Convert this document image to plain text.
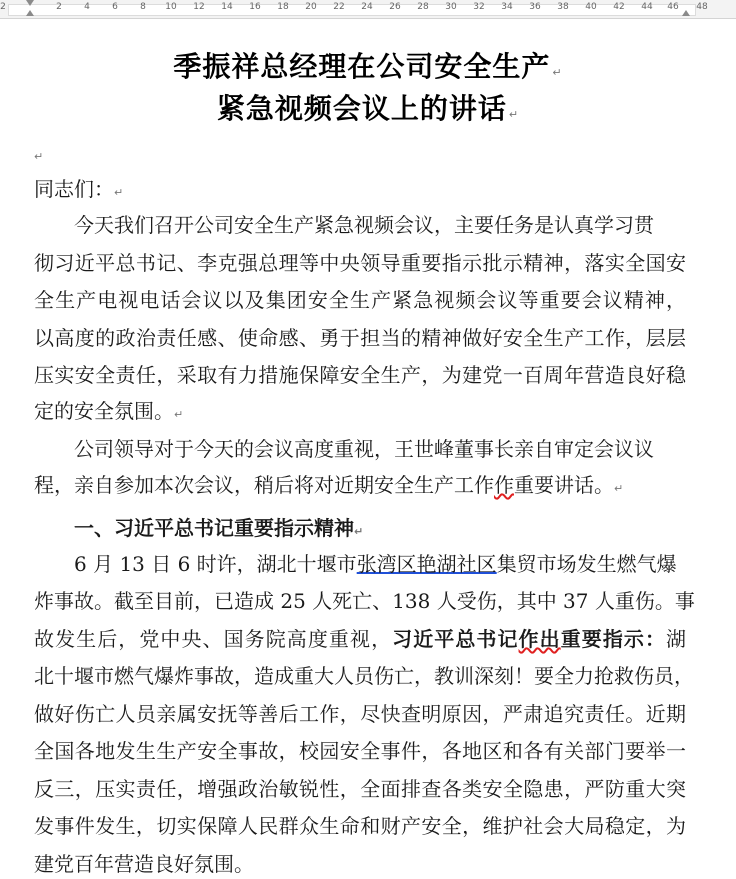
2	2 4 6 8 10 12 14 16 18 20 22 24 26 28 30 32 34 36 38 40 42 44 46 48
季振祥总经理在公司安全生产 ↵
紧急视频会议上的讲话 ↵
↵
同志们：↵
今天我们召开公司安全生产紧急视频会议，主要任务是认真学习贯
彻习近平总书记、李克强总理等中央领导重要指示批示精神，落实全国安
全生产电视电话会议以及集团安全生产紧急视频会议等重要会议精神，
以高度的政治责任感、使命感、勇于担当的精神做好安全生产工作，层层
压实安全责任，采取有力措施保障安全生产，为建党一百周年营造良好稳
定的安全氛围。↵
公司领导对于今天的会议高度重视，王世峰董事长亲自审定会议议
程，亲自参加本次会议，稍后将对近期安全生产工作作重要讲话。↵
一、习近平总书记重要指示精神↵
6 月 13 日 6 时许，湖北十堰市张湾区艳湖社区集贸市场发生燃气爆
炸事故。截至目前，已造成 25 人死亡、138 人受伤，其中 37 人重伤。事
故发生后，党中央、国务院高度重视，习近平总书记作出重要指示：湖
北十堰市燃气爆炸事故，造成重大人员伤亡，教训深刻！要全力抢救伤员，
做好伤亡人员亲属安抚等善后工作，尽快查明原因，严肃追究责任。近期
全国各地发生生产安全事故，校园安全事件，各地区和各有关部门要举一
反三，压实责任，增强政治敏锐性，全面排查各类安全隐患，严防重大突
发事件发生，切实保障人民群众生命和财产安全，维护社会大局稳定，为
建党百年营造良好氛围。
